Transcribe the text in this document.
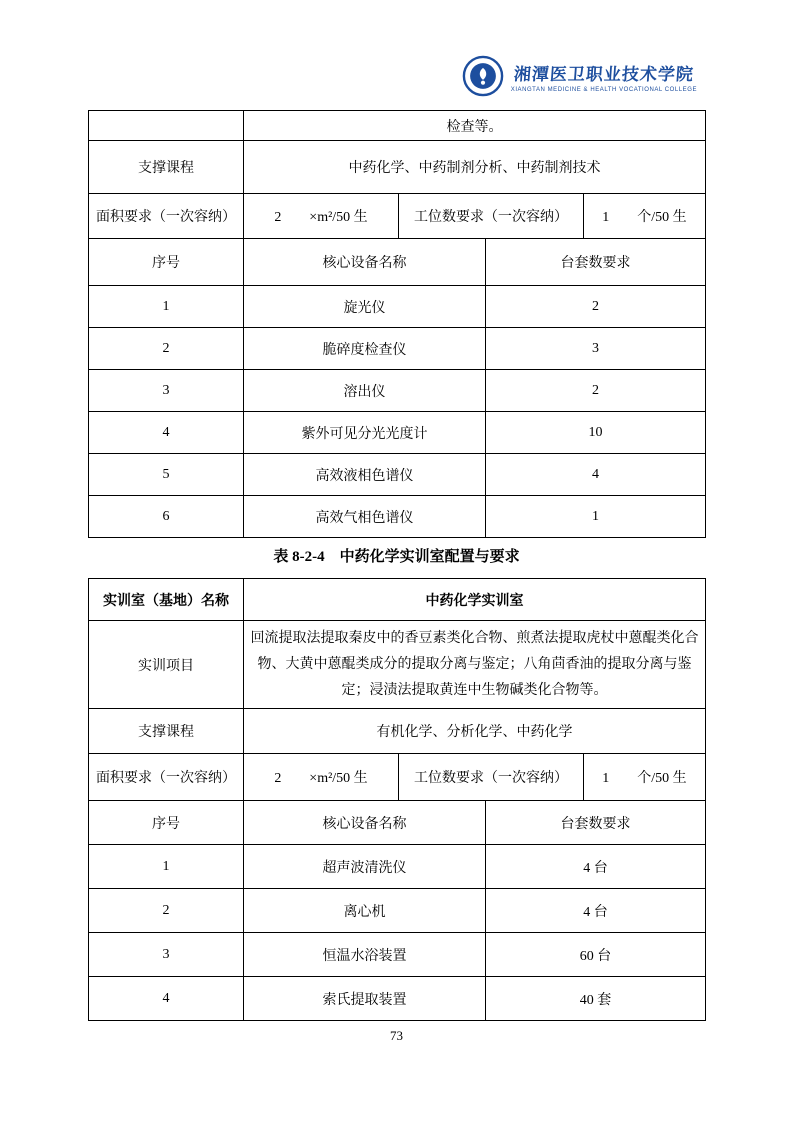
湘潭医卫职业技术学院
XIANGTAN MEDICINE & HEALTH VOCATIONAL COLLEGE
	检查等。			
支撑课程	中药化学、中药制剂分析、中药制剂技术			
面积要求（一次容纳）	2　　×m²/50 生	工位数要求（一次容纳）		1　　个/50 生
序号	核心设备名称		台套数要求	
1	旋光仪		2	
2	脆碎度检查仪		3	
3	溶出仪		2	
4	紫外可见分光光度计		10	
5	高效液相色谱仪		4	
6	高效气相色谱仪		1	
表 8-2-4　中药化学实训室配置与要求
实训室（基地）名称	中药化学实训室			
实训项目	回流提取法提取秦皮中的香豆素类化合物、煎煮法提取虎杖中蒽醌类化合物、大黄中蒽醌类成分的提取分离与鉴定；八角茴香油的提取分离与鉴定；浸渍法提取黄连中生物碱类化合物等。			
支撑课程	有机化学、分析化学、中药化学			
面积要求（一次容纳）	2　　×m²/50 生	工位数要求（一次容纳）		1　　个/50 生
序号	核心设备名称		台套数要求	
1	超声波清洗仪		4 台	
2	离心机		4 台	
3	恒温水浴装置		60 台	
4	索氏提取装置		40 套	
73
